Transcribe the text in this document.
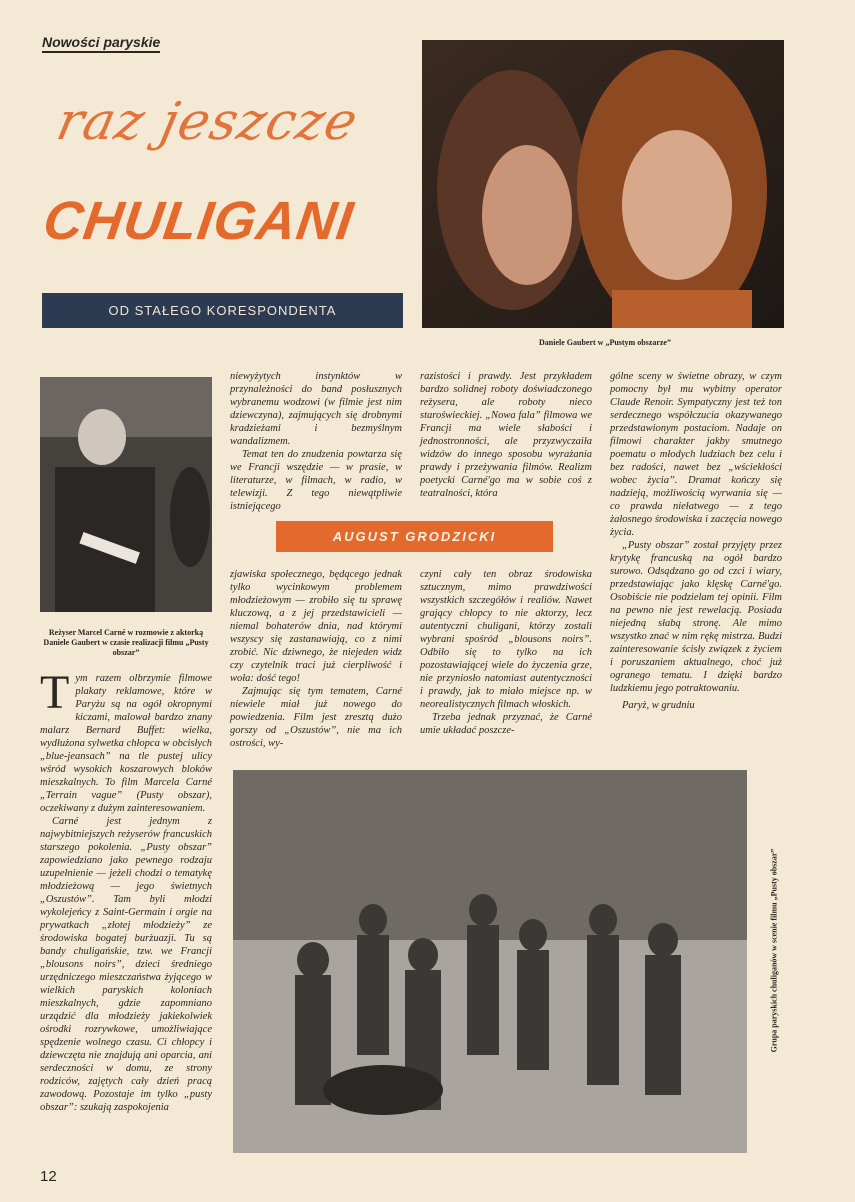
Nowości paryskie
raz jeszcze
CHULIGANI
OD STAŁEGO KORESPONDENTA
Daniele Gaubert w „Pustym obszarze”
Reżyser Marcel Carné w rozmowie z aktorką Daniele Gaubert w czasie realizacji filmu „Pusty obszar”
T ym razem olbrzymie filmowe plakaty reklamowe, które w Paryżu są na ogół okropnymi kiczami, malował bardzo znany malarz Bernard Buffet: wielka, wydłużona sylwetka chłopca w obcisłych „blue-jeansach” na tle pustej ulicy wśród wysokich koszarowych bloków mieszkalnych. To film Marcela Carné „Terrain vague” (Pusty obszar), oczekiwany z dużym zainteresowaniem.

Carné jest jednym z najwybitniejszych reżyserów francuskich starszego pokolenia. „Pusty obszar” zapowiedziano jako pewnego rodzaju uzupełnienie — jeżeli chodzi o tematykę młodzieżową — jego świetnych „Oszustów”. Tam byli młodzi wykolejeńcy z Saint-Germain i orgie na prywatkach „złotej młodzieży” ze środowiska bogatej burżuazji. Tu są bandy chuligańskie, tzw. we Francji „blousons noirs”, dzieci średniego urzędniczego mieszczaństwa żyjącego w wielkich paryskich koloniach mieszkalnych, gdzie zapomniano urządzić dla młodzieży jakiekolwiek ośrodki rozrywkowe, umożliwiające spędzenie wolnego czasu. Ci chłopcy i dziewczęta nie znajdują ani oparcia, ani serdeczności w domu, ze strony rodziców, zajętych cały dzień pracą zawodową. Pozostaje im tylko „pusty obszar”: szukają zaspokojenia

niewyżytych instynktów w przynależności do band posłusznych wybranemu wodzowi (w filmie jest nim dziewczyna), zajmujących się drobnymi kradzieżami i bezmyślnym wandalizmem.

Temat ten do znudzenia powtarza się we Francji wszędzie — w prasie, w literaturze, w filmach, w radio, w telewizji. Z tego niewątpliwie istniejącego

AUGUST GRODZICKI

zjawiska społecznego, będącego jednak tylko wycinkowym problemem młodzieżowym — zrobiło się tu sprawę kluczową, a z jej przedstawicieli — niemal bohaterów dnia, nad którymi wszyscy się zastanawiają, co z nimi zrobić. Nic dziwnego, że niejeden widz czy czytelnik traci już cierpliwość i woła: dość tego!

Zajmując się tym tematem, Carné niewiele miał już nowego do powiedzenia. Film jest zresztą dużo gorszy od „Oszustów”, nie ma ich ostrości, wy-

razistości i prawdy. Jest przykładem bardzo solidnej roboty doświadczonego reżysera, ale roboty nieco staroświeckiej. „Nowa fala” filmowa we Francji ma wiele słabości i jednostronności, ale przyzwyczaiła widzów do innego sposobu wyrażania prawdy i przeżywania filmów. Realizm poetycki Carné'go ma w sobie coś z teatralności, która

czyni cały ten obraz środowiska sztucznym, mimo prawdziwości wszystkich szczegółów i realiów. Nawet grający chłopcy to nie aktorzy, lecz autentyczni chuligani, którzy zostali wybrani spośród „blousons noirs”. Odbiło się to tylko na ich pozostawiającej wiele do życzenia grze, nie przyniosło natomiast autentyczności i prawdy, jak to miało miejsce np. w neorealistycznych filmach włoskich.

Trzeba jednak przyznać, że Carné umie układać poszcze-

gólne sceny w świetne obrazy, w czym pomocny był mu wybitny operator Claude Renoir. Sympatyczny jest też ton serdecznego współczucia okazywanego przedstawionym postaciom. Nadaje on filmowi charakter jakby smutnego poematu o młodych ludziach bez celu i bez radości, nawet bez „wściekłości wobec życia”. Dramat kończy się nadzieją, możliwością wyrwania się — co prawda niełatwego — z tego żałosnego środowiska i zaczęcia nowego życia.

„Pusty obszar” został przyjęty przez krytykę francuską na ogół bardzo surowo. Odsądzano go od czci i wiary, przedstawiając jako klęskę Carné'go. Osobiście nie podzielam tej opinii. Film na pewno nie jest rewelacją. Posiada niejedną słabą stronę. Ale mimo wszystko znać w nim rękę mistrza. Budzi zainteresowanie ścisły związek z życiem i poruszaniem aktualnego, choć już ogranego tematu. I dzięki bardzo ludzkiemu jego potraktowaniu.

Paryż, w grudniu

Grupa paryskich chuliganów w scenie filmu „Pusty obszar”
12
